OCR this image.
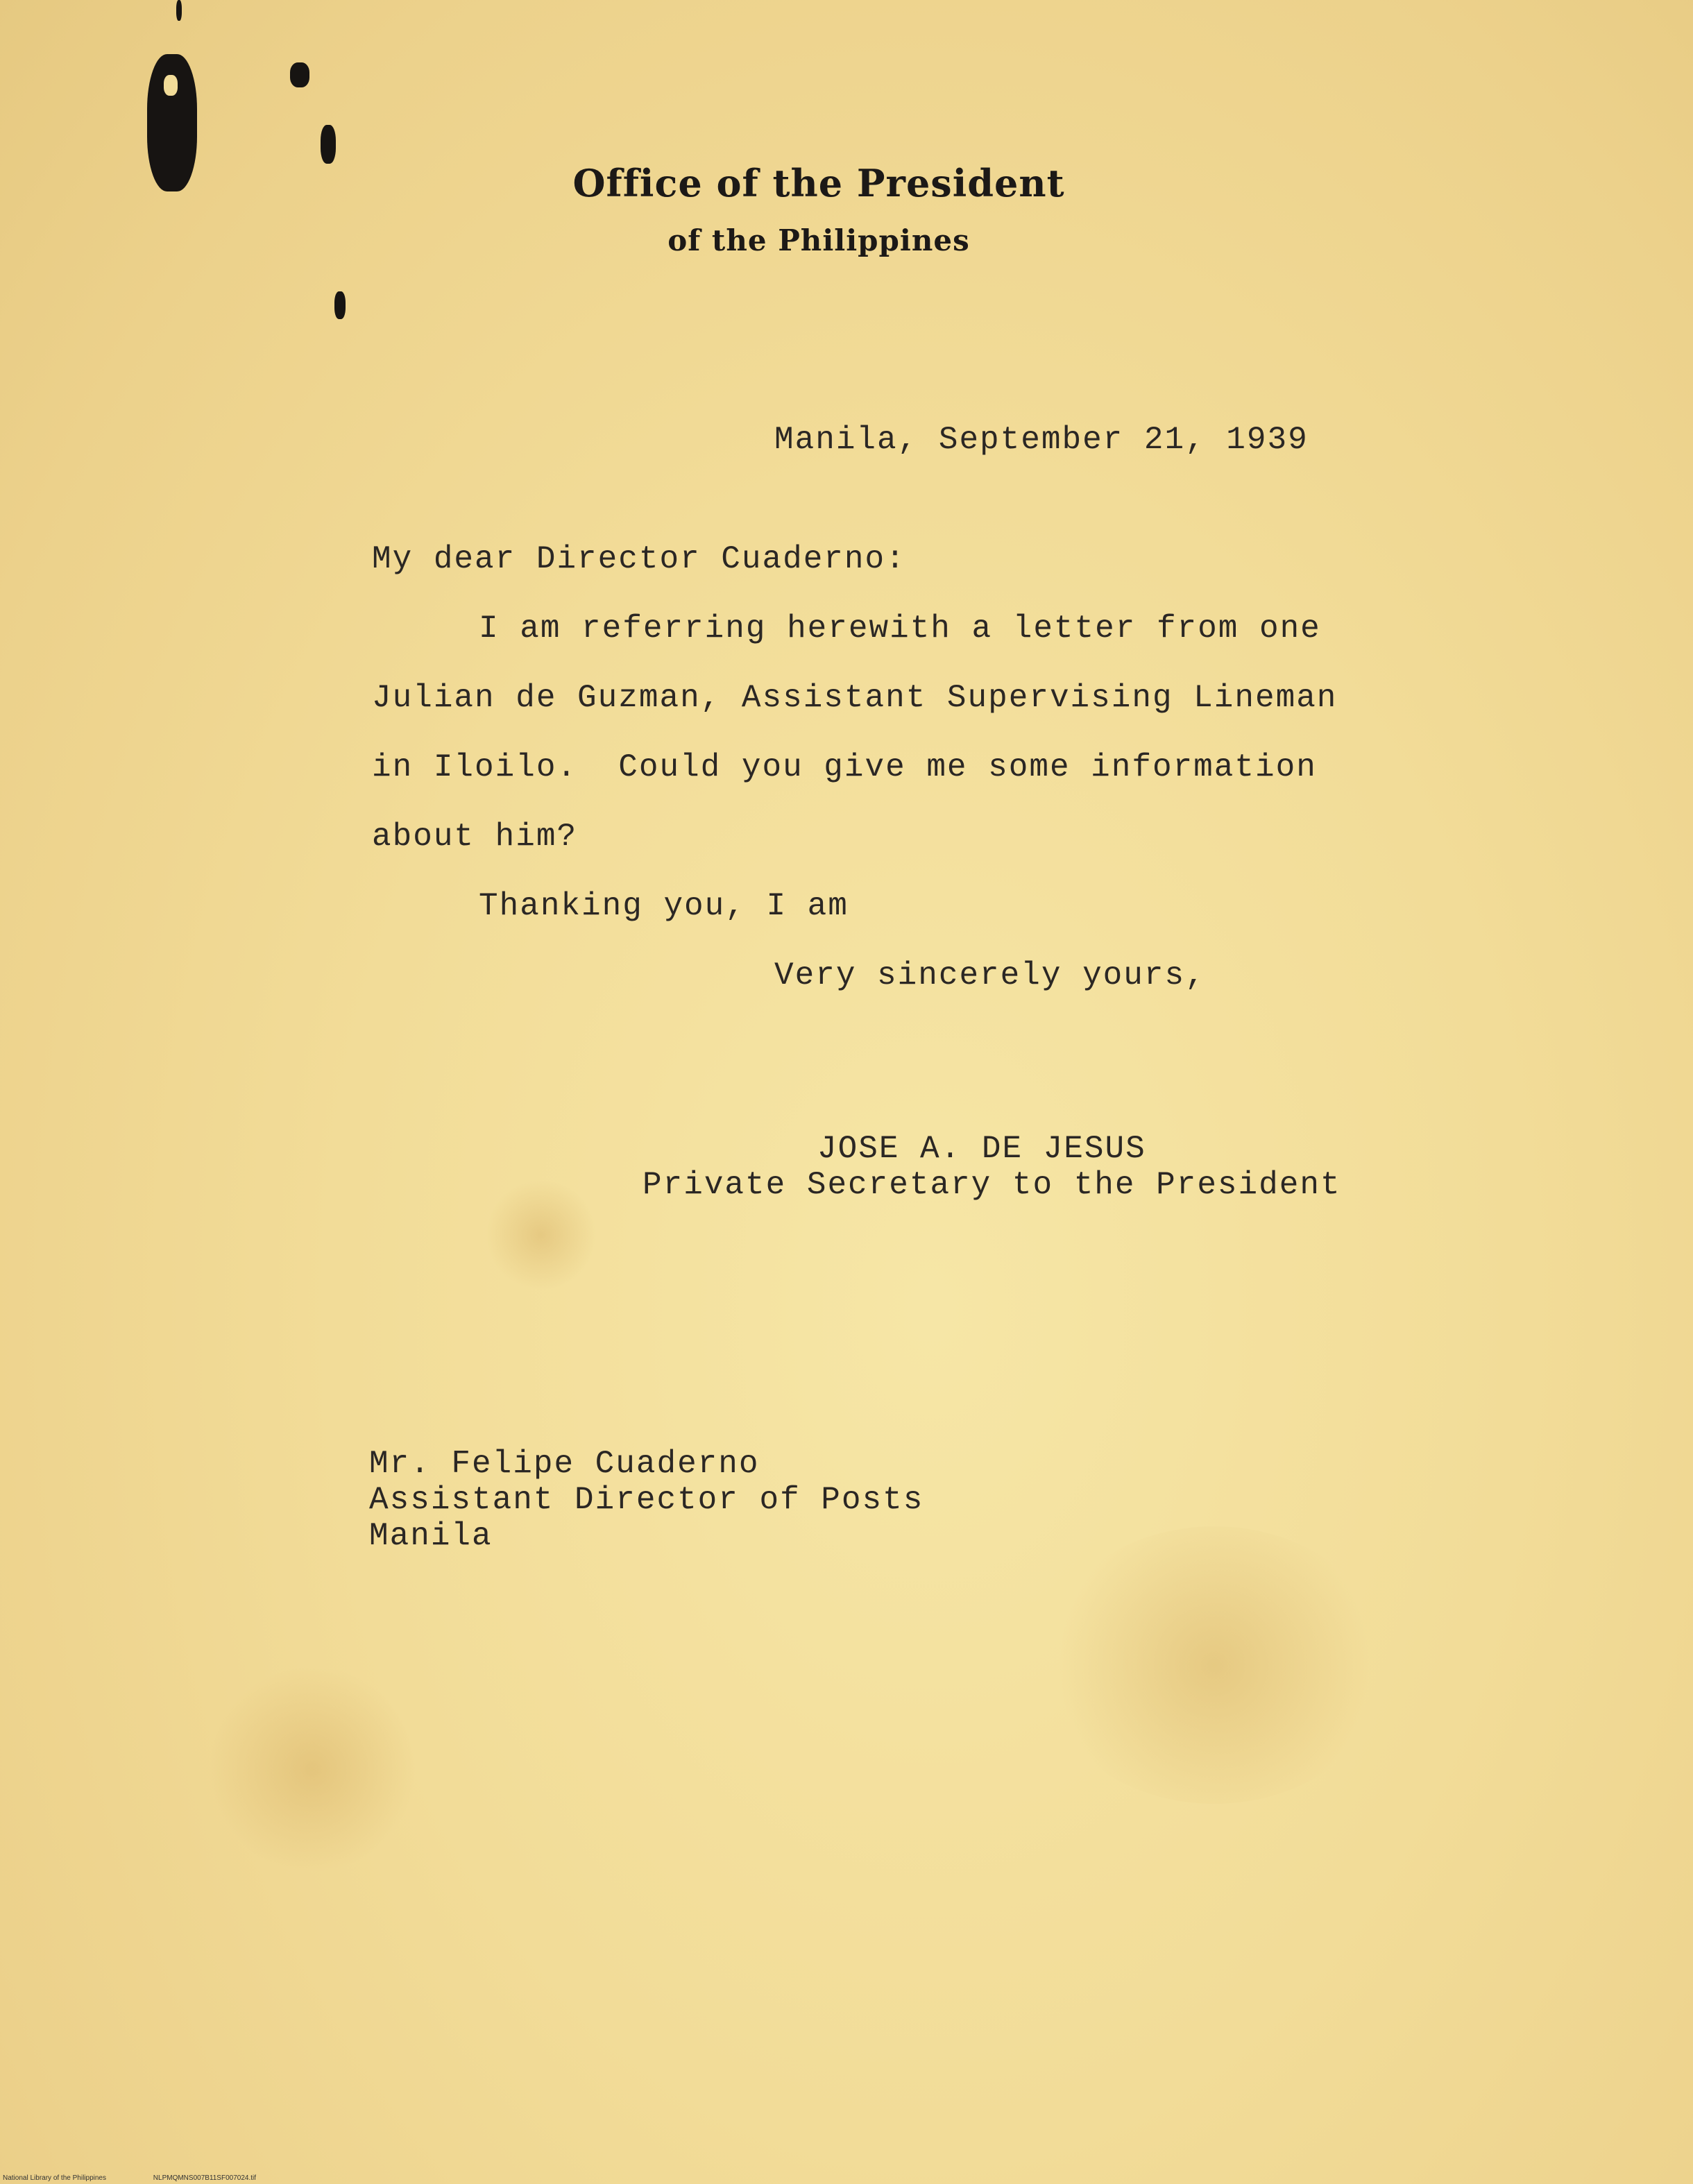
Office of the President
of the Philippines
Manila, September 21, 1939
My dear Director Cuaderno:
I am referring herewith a letter from one
Julian de Guzman, Assistant Supervising Lineman
in Iloilo.  Could you give me some information
about him?
Thanking you, I am
Very sincerely yours,
JOSE A. DE JESUS
Private Secretary to the President
Mr. Felipe Cuaderno
Assistant Director of Posts
Manila
National Library of the Philippines	NLPMQMNS007B11SF007024.tif
